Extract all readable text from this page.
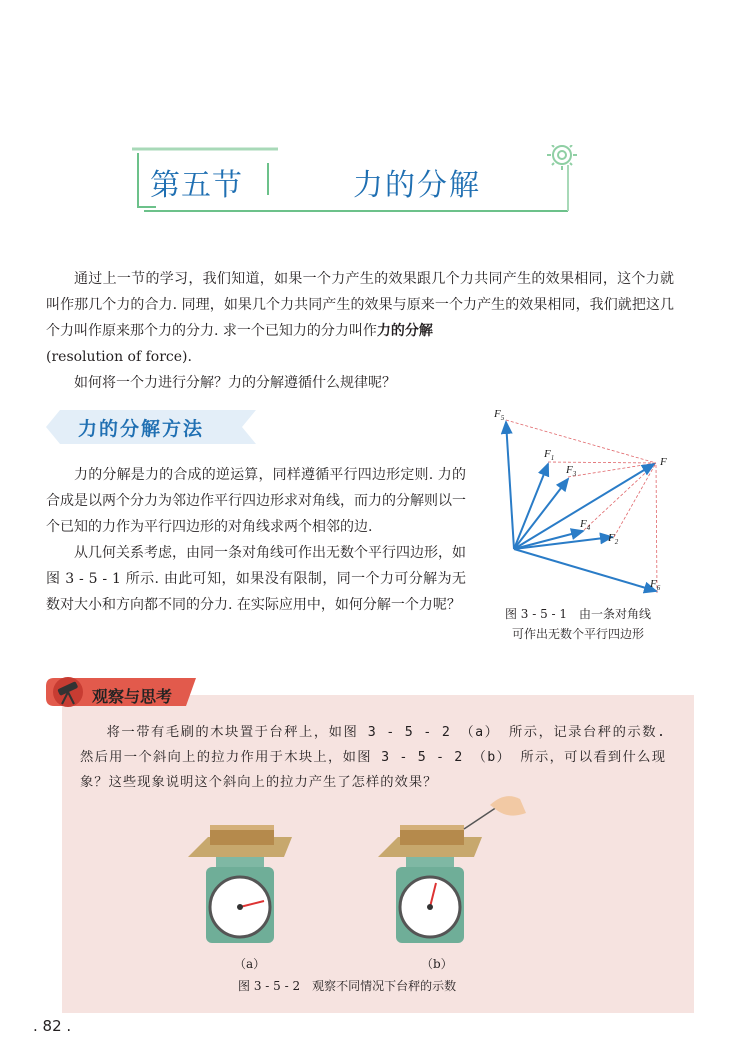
第五节	力的分解

通过上一节的学习，我们知道，如果一个力产生的效果跟几个力共同产生的效果相同，这个力就叫作那几个力的合力. 同理，如果几个力共同产生的效果与原来一个力产生的效果相同，我们就把这几个力叫作原来那个力的分力. 求一个已知力的分力叫作力的分解

(resolution of force).

如何将一个力进行分解？力的分解遵循什么规律呢？

力的分解方法

力的分解是力的合成的逆运算，同样遵循平行四边形定则. 力的合成是以两个分力为邻边作平行四边形求对角线，而力的分解则以一个已知的力作为平行四边形的对角线求两个相邻的边.

从几何关系考虑，由同一条对角线可作出无数个平行四边形，如图 3 - 5 - 1 所示. 由此可知，如果没有限制，同一个力可分解为无数对大小和方向都不同的分力. 在实际应用中，如何分解一个力呢？

$F_5$
$F_1$
$F_3$
F
$F_4$
$F_2$
$F_6$
图 3 - 5 - 1　由一条对角线
可作出无数个平行四边形
观察与思考

将一带有毛刷的木块置于台秤上，如图 3 - 5 - 2 （a） 所示，记录台秤的示数. 然后用一个斜向上的拉力作用于木块上，如图 3 - 5 - 2 （b） 所示，可以看到什么现象？这些现象说明这个斜向上的拉力产生了怎样的效果？

（a）	（b）
图 3 - 5 - 2　观察不同情况下台秤的示数
. 82 .
